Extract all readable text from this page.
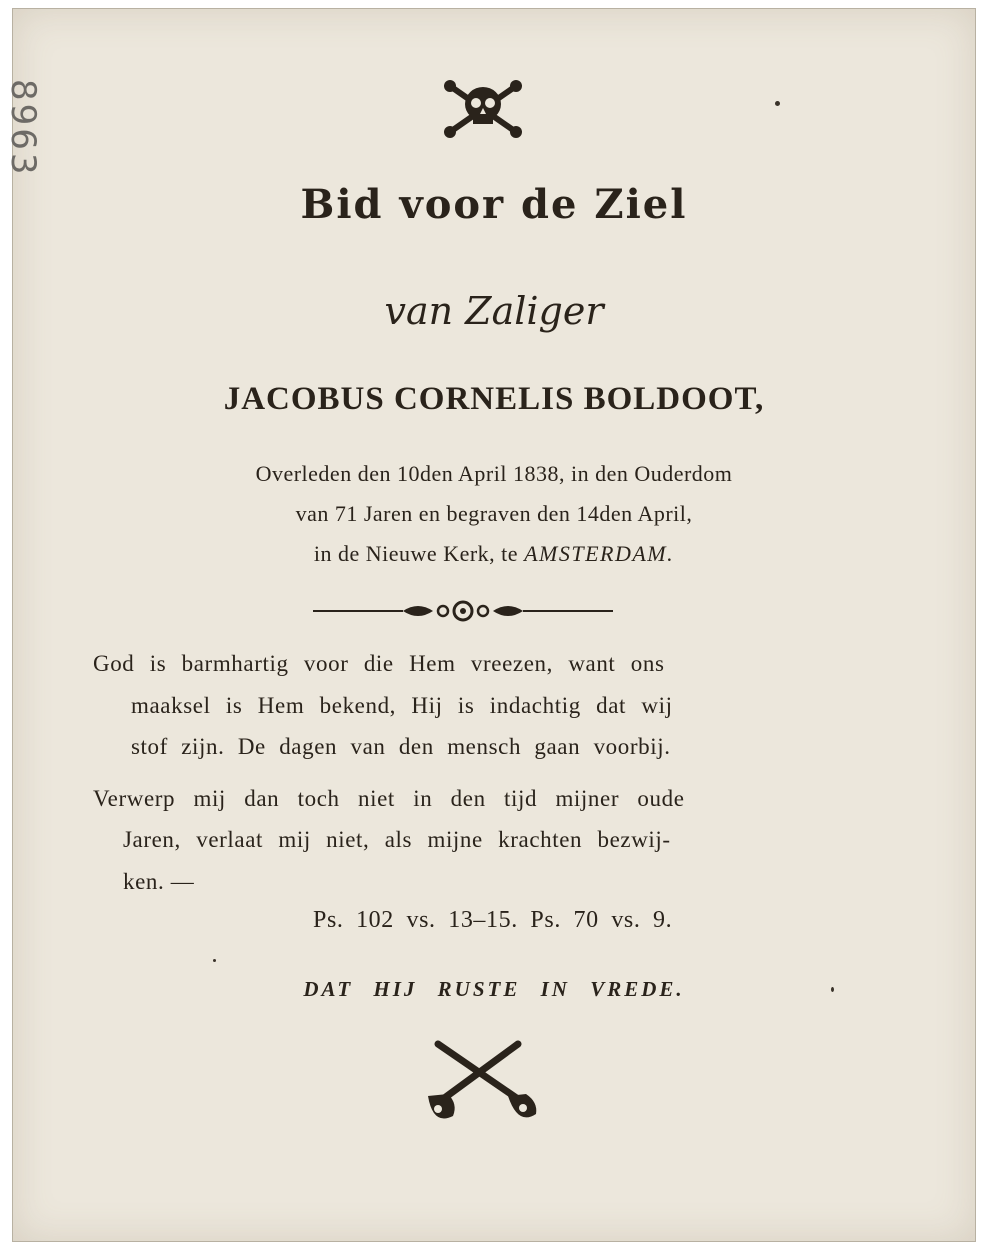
8963
Bid voor de Ziel
van Zaliger
JACOBUS CORNELIS BOLDOOT,
Overleden den 10den April 1838, in den Ouderdom
van 71 Jaren en begraven den 14den April,
in de Nieuwe Kerk, te AMSTERDAM.
God is barmhartig voor die Hem vreezen, want ons
maaksel is Hem bekend, Hij is indachtig dat wij
stof zijn. De dagen van den mensch gaan voorbij.
Verwerp mij dan toch niet in den tijd mijner oude
Jaren, verlaat mij niet, als mijne krachten bezwij-
ken. —
Ps. 102 vs. 13–15. Ps. 70 vs. 9.
DAT HIJ RUSTE IN VREDE.
